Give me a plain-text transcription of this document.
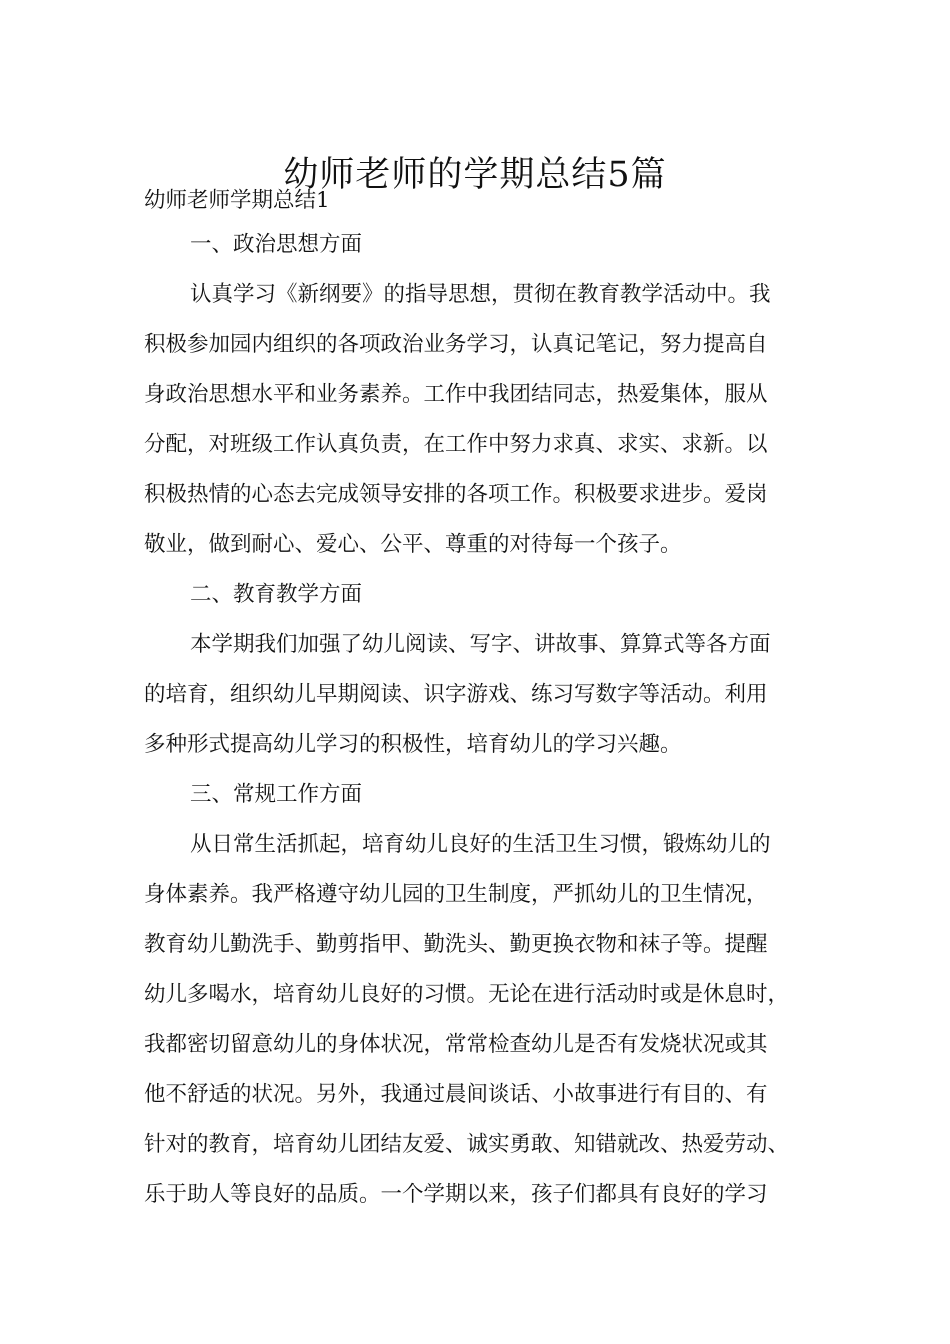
幼师老师的学期总结5篇
幼师老师学期总结1
一、政治思想方面
认真学习《新纲要》的指导思想，贯彻在教育教学活动中。我
积极参加园内组织的各项政治业务学习，认真记笔记，努力提高自
身政治思想水平和业务素养。工作中我团结同志，热爱集体，服从
分配，对班级工作认真负责，在工作中努力求真、求实、求新。以
积极热情的心态去完成领导安排的各项工作。积极要求进步。爱岗
敬业，做到耐心、爱心、公平、尊重的对待每一个孩子。
二、教育教学方面
本学期我们加强了幼儿阅读、写字、讲故事、算算式等各方面
的培育，组织幼儿早期阅读、识字游戏、练习写数字等活动。利用
多种形式提高幼儿学习的积极性，培育幼儿的学习兴趣。
三、常规工作方面
从日常生活抓起，培育幼儿良好的生活卫生习惯，锻炼幼儿的
身体素养。我严格遵守幼儿园的卫生制度，严抓幼儿的卫生情况，
教育幼儿勤洗手、勤剪指甲、勤洗头、勤更换衣物和袜子等。提醒
幼儿多喝水，培育幼儿良好的习惯。无论在进行活动时或是休息时，
我都密切留意幼儿的身体状况，常常检查幼儿是否有发烧状况或其
他不舒适的状况。另外，我通过晨间谈话、小故事进行有目的、有
针对的教育，培育幼儿团结友爱、诚实勇敢、知错就改、热爱劳动、
乐于助人等良好的品质。一个学期以来，孩子们都具有良好的学习
